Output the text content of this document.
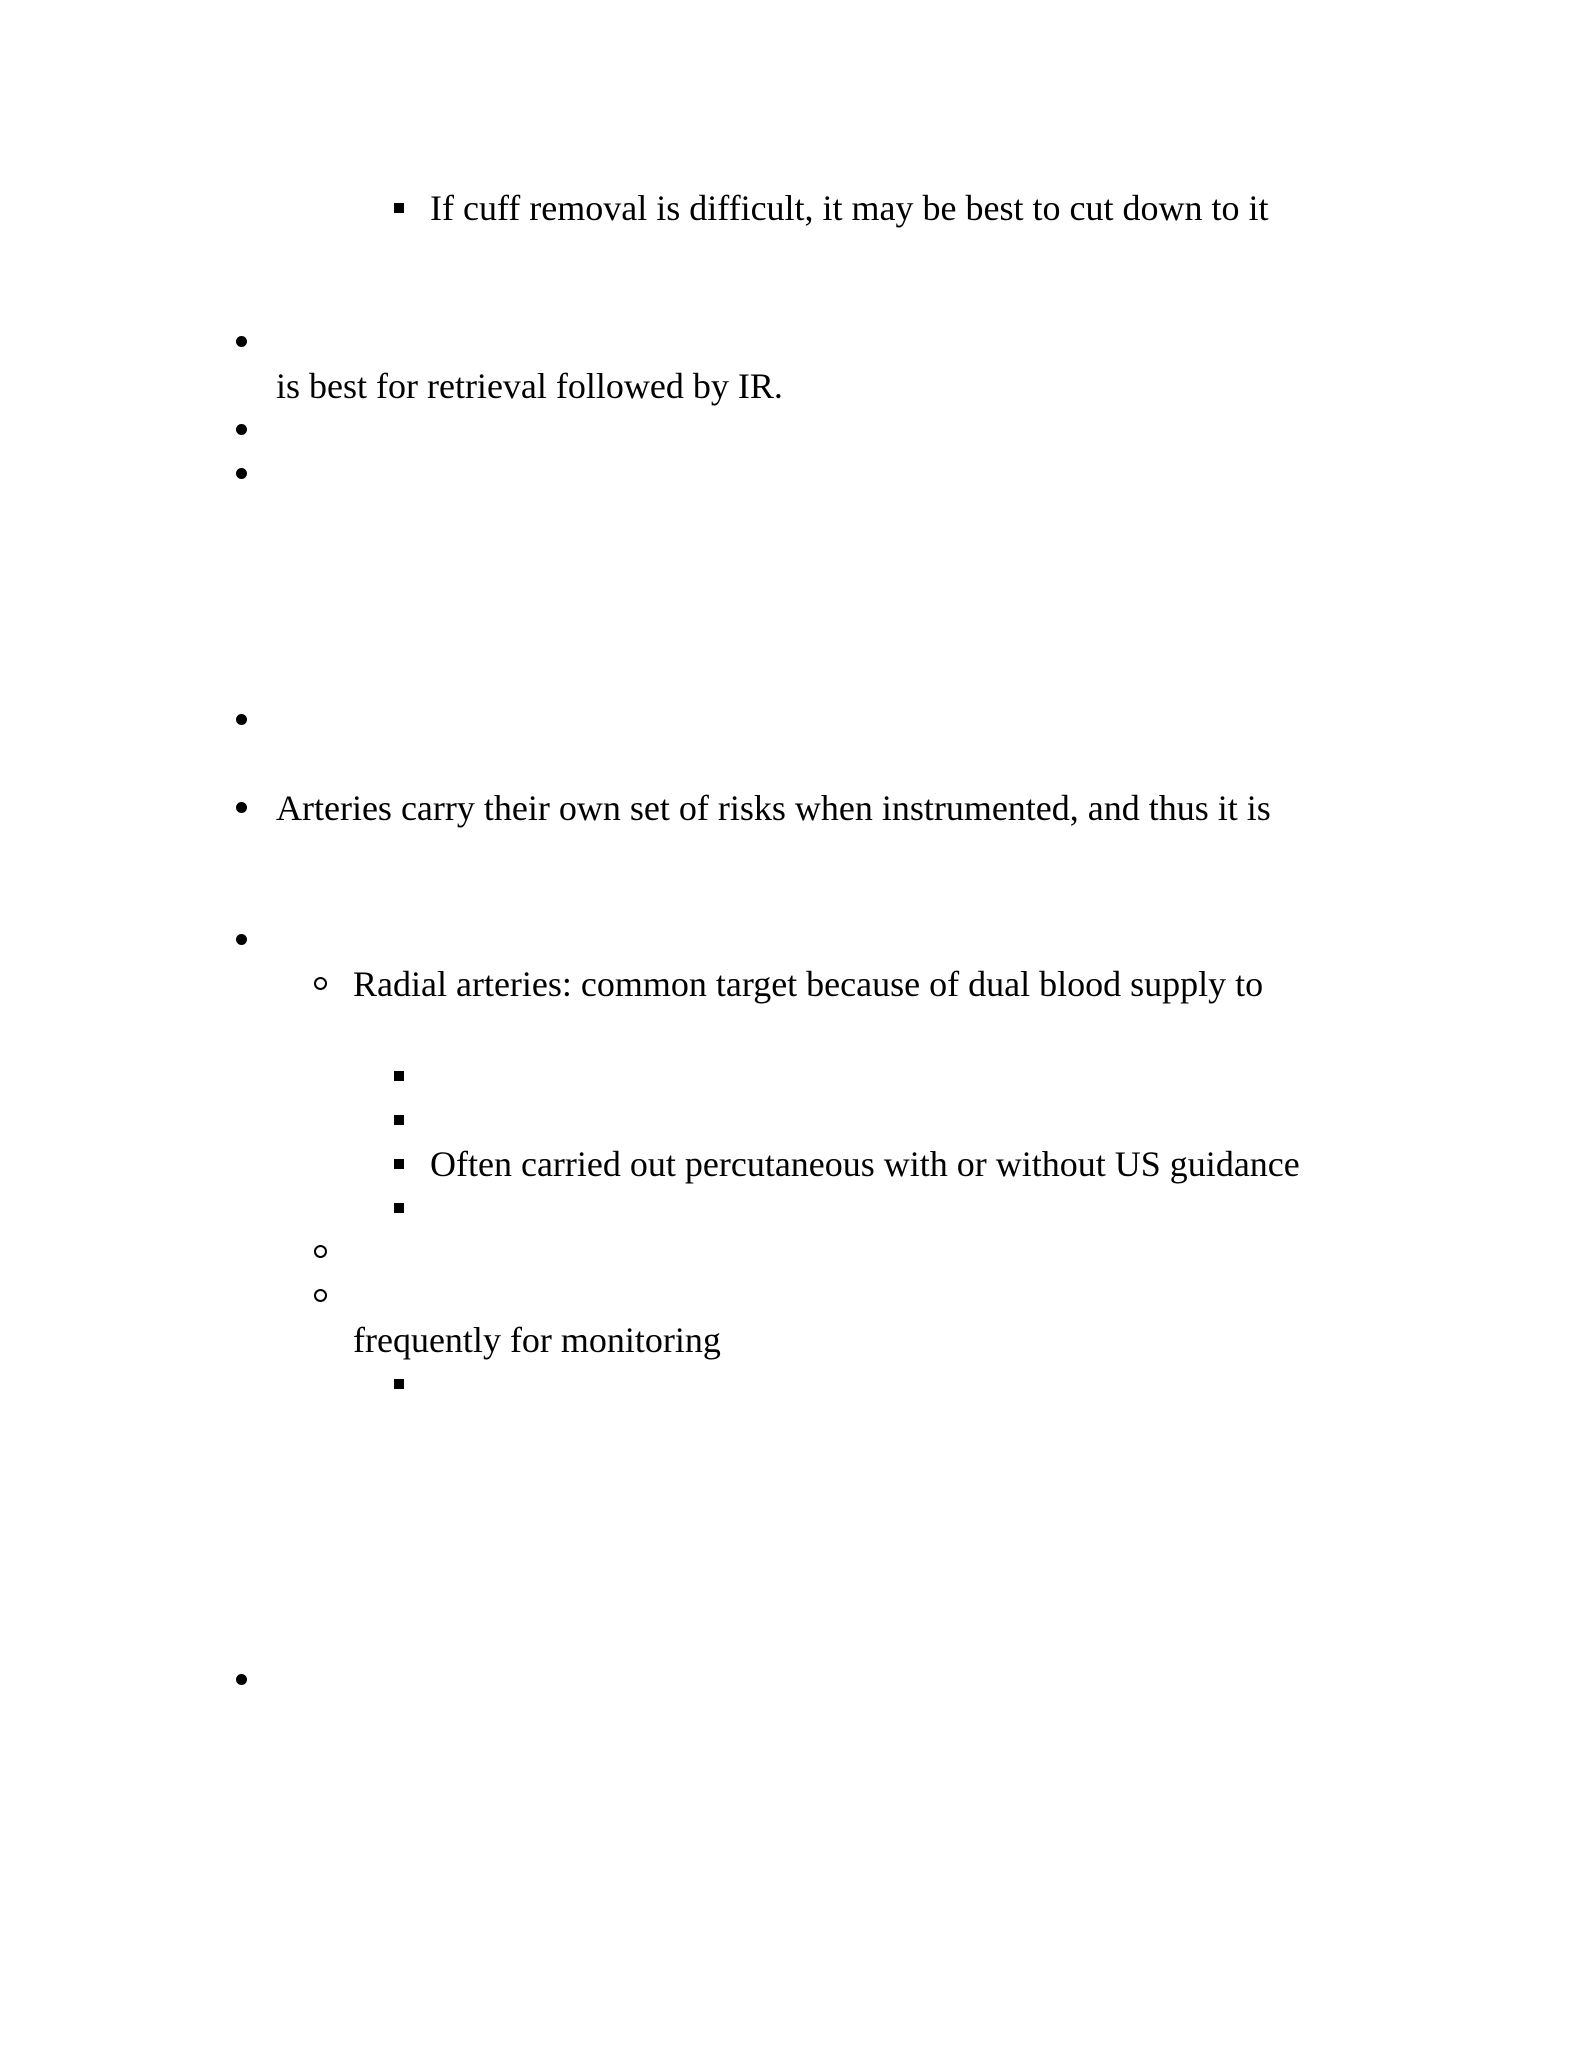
If cuff removal is difficult, it may be best to cut down to it
is best for retrieval followed by IR.
Arteries carry their own set of risks when instrumented, and thus it is
Radial arteries: common target because of dual blood supply to
Often carried out percutaneous with or without US guidance
frequently for monitoring
